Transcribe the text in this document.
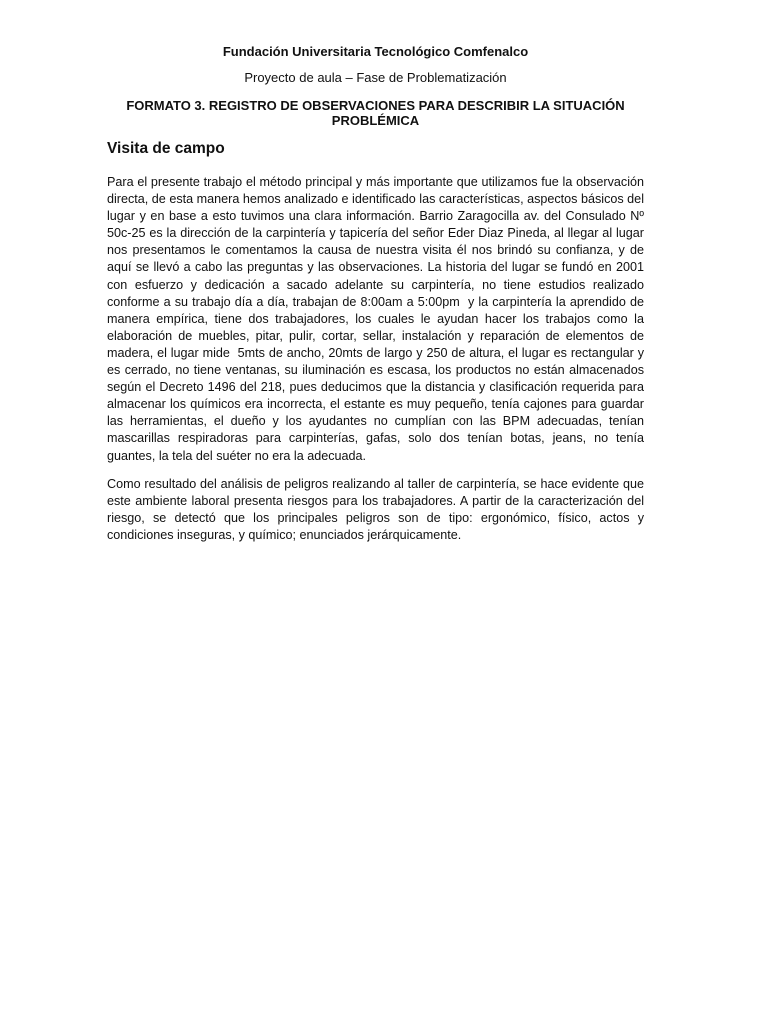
Fundación Universitaria Tecnológico Comfenalco
Proyecto de aula – Fase de Problematización
FORMATO 3. REGISTRO DE OBSERVACIONES PARA DESCRIBIR LA SITUACIÓN PROBLÉMICA
Visita de campo

Para el presente trabajo el método principal y más importante que utilizamos fue la observación directa, de esta manera hemos analizado e identificado las características, aspectos básicos del lugar y en base a esto tuvimos una clara información. Barrio Zaragocilla av. del Consulado Nº 50c-25 es la dirección de la carpintería y tapicería del señor Eder Diaz Pineda, al llegar al lugar nos presentamos le comentamos la causa de nuestra visita él nos brindó su confianza, y de aquí se llevó a cabo las preguntas y las observaciones. La historia del lugar se fundó en 2001 con esfuerzo y dedicación a sacado adelante su carpintería, no tiene estudios realizado conforme a su trabajo día a día, trabajan de 8:00am a 5:00pm  y la carpintería la aprendido de manera empírica, tiene dos trabajadores, los cuales le ayudan hacer los trabajos como la elaboración de muebles, pitar, pulir, cortar, sellar, instalación y reparación de elementos de madera, el lugar mide  5mts de ancho, 20mts de largo y 250 de altura, el lugar es rectangular y es cerrado, no tiene ventanas, su iluminación es escasa, los productos no están almacenados según el Decreto 1496 del 218, pues deducimos que la distancia y clasificación requerida para almacenar los químicos era incorrecta, el estante es muy pequeño, tenía cajones para guardar las herramientas, el dueño y los ayudantes no cumplían con las BPM adecuadas, tenían mascarillas respiradoras para carpinterías, gafas, solo dos tenían botas, jeans, no tenía guantes, la tela del suéter no era la adecuada.

Como resultado del análisis de peligros realizando al taller de carpintería, se hace evidente que este ambiente laboral presenta riesgos para los trabajadores. A partir de la caracterización del riesgo, se detectó que los principales peligros son de tipo: ergonómico, físico, actos y condiciones inseguras, y químico; enunciados jerárquicamente.
